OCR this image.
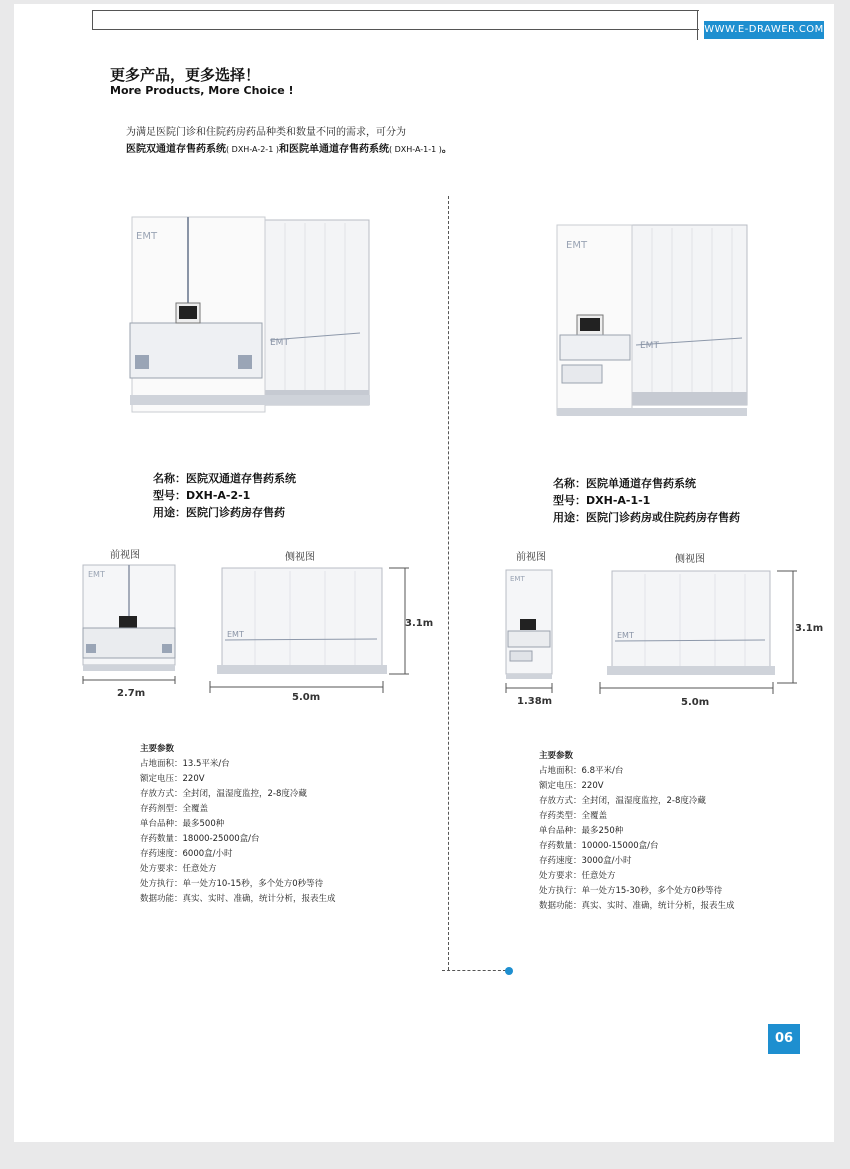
WWW.E-DRAWER.COM
更多产品，更多选择！
More Products, More Choice !
为满足医院门诊和住院药房药品种类和数量不同的需求，可分为
医院双通道存售药系统( DXH-A-2-1 )和医院单通道存售药系统( DXH-A-1-1 )。
EMT
EMT
EMT
EMT
名称：医院双通道存售药系统
型号：DXH-A-2-1
用途：医院门诊药房存售药
名称：医院单通道存售药系统
型号：DXH-A-1-1
用途：医院门诊药房或住院药房存售药
前视图	侧视图
EMT
2.7m
EMT
3.1m
5.0m
前视图	侧视图
EMT
1.38m
EMT
3.1m
5.0m
主要参数
占地面积：13.5平米/台
额定电压：220V
存放方式：全封闭，温湿度监控，2-8度冷藏
存药剂型：全覆盖
单台品种：最多500种
存药数量：18000-25000盒/台
存药速度：6000盒/小时
处方要求：任意处方
处方执行：单一处方10-15秒，多个处方0秒等待
数据功能：真实、实时、准确，统计分析，报表生成
主要参数
占地面积：6.8平米/台
额定电压：220V
存放方式：全封闭，温湿度监控，2-8度冷藏
存药类型：全覆盖
单台品种：最多250种
存药数量：10000-15000盒/台
存药速度：3000盒/小时
处方要求：任意处方
处方执行：单一处方15-30秒，多个处方0秒等待
数据功能：真实、实时、准确，统计分析，报表生成
06
